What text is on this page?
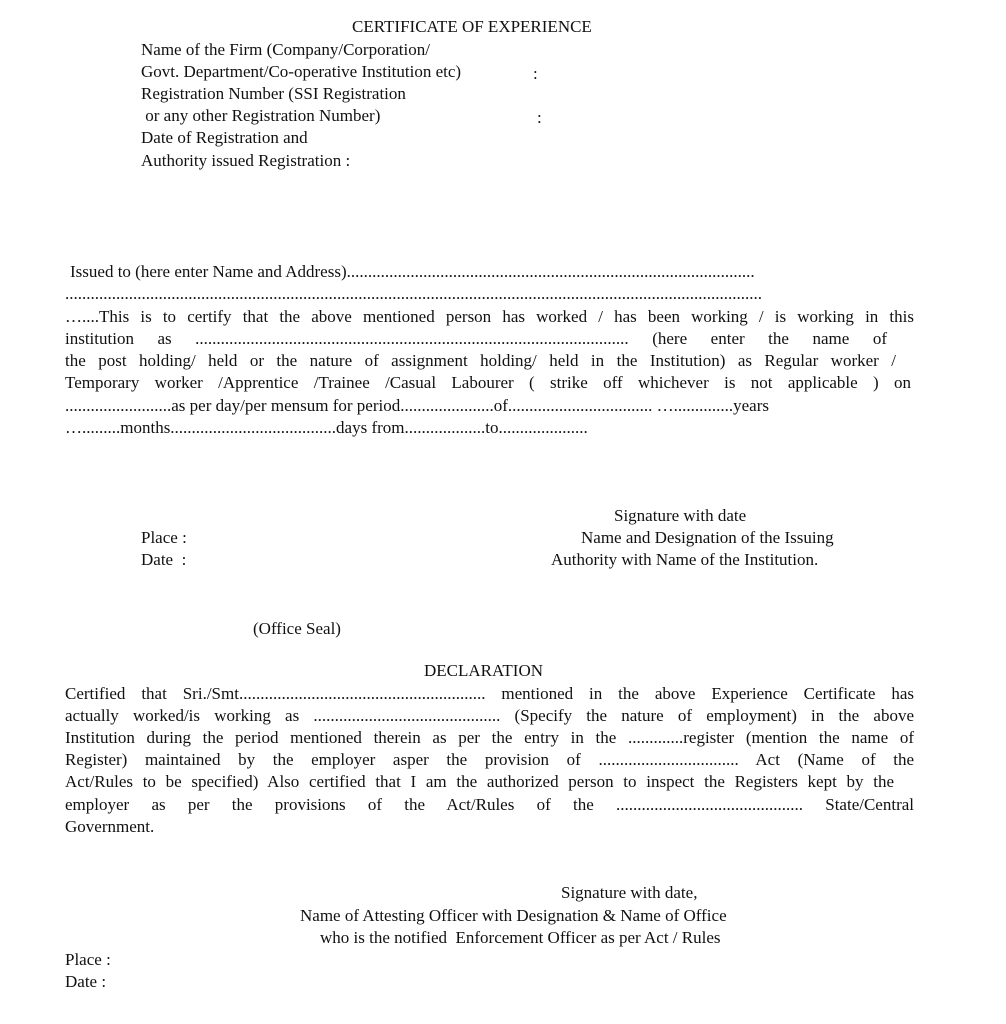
CERTIFICATE OF EXPERIENCE
Name of the Firm (Company/Corporation/
Govt. Department/Co-operative Institution etc)	:
Registration Number (SSI Registration
or any other Registration Number)	:
Date of Registration and
Authority issued Registration :
Issued to (here enter Name and Address)................................................................................................
....................................................................................................................................................................
…....This is to certify that the above mentioned person has worked / has been working / is working in this
institution as ...................................................................................................... (here enter the name of
the post holding/ held or the nature of assignment holding/ held in the Institution) as Regular worker /
Temporary worker /Apprentice /Trainee /Casual Labourer ( strike off whichever is not applicable ) on
.........................as per day/per mensum for period......................of.................................. …..............years
….........months.......................................days from...................to.....................
Signature with date
Place :	Name and Designation of the Issuing
Date  :	Authority with Name of the Institution.
(Office Seal)
DECLARATION
Certified that Sri./Smt.......................................................... mentioned in the above Experience Certificate has
actually worked/is working as ............................................ (Specify the nature of employment) in the above
Institution during the period mentioned therein as per the entry in the .............register (mention the name of
Register) maintained by the employer asper the provision of ................................. Act (Name of the
Act/Rules to be specified) Also certified that I am the authorized person to inspect the Registers kept by the
employer as per the provisions of the Act/Rules of the ............................................ State/Central
Government.
Signature with date,
Name of Attesting Officer with Designation & Name of Office
who is the notified  Enforcement Officer as per Act / Rules
Place :
Date :
